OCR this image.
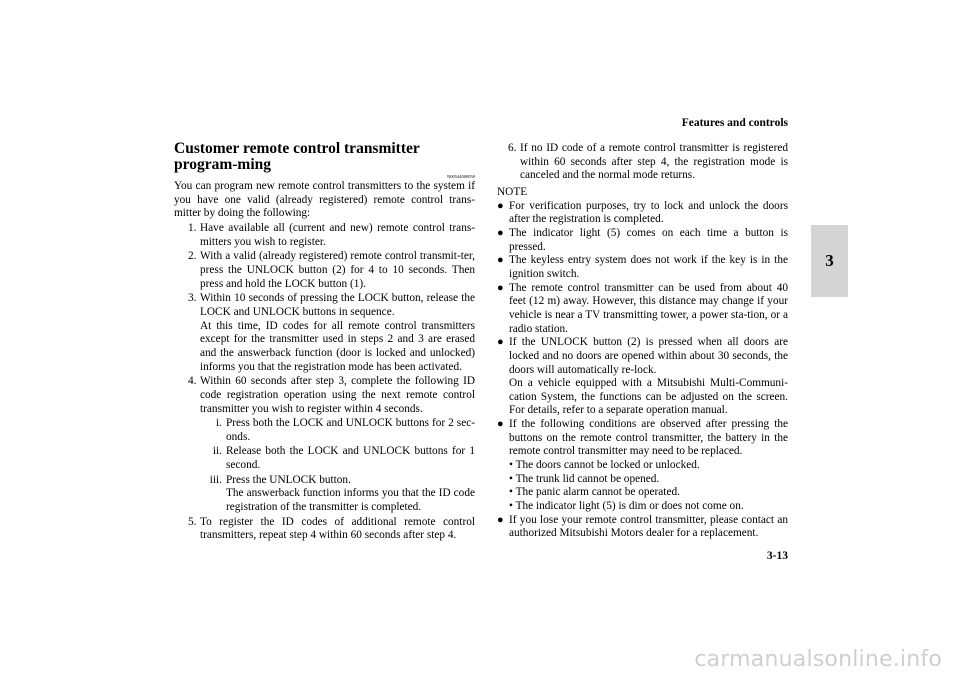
Features and controls
3
Customer remote control transmitter program-ming
N00544000050

You can program new remote control transmitters to the system if you have one valid (already registered) remote control trans-mitter by doing the following:

1. Have available all (current and new) remote control trans-mitters you wish to register.
2. With a valid (already registered) remote control transmit-ter, press the UNLOCK button (2) for 4 to 10 seconds. Then press and hold the LOCK button (1).
3. Within 10 seconds of pressing the LOCK button, release the LOCK and UNLOCK buttons in sequence.
At this time, ID codes for all remote control transmitters except for the transmitter used in steps 2 and 3 are erased and the answerback function (door is locked and unlocked) informs you that the registration mode has been activated.
4. Within 60 seconds after step 3, complete the following ID code registration operation using the next remote control transmitter you wish to register within 4 seconds.
i. Press both the LOCK and UNLOCK buttons for 2 sec-onds.
ii. Release both the LOCK and UNLOCK buttons for 1 second.
iii. Press the UNLOCK button.
The answerback function informs you that the ID code registration of the transmitter is completed.
5. To register the ID codes of additional remote control transmitters, repeat step 4 within 60 seconds after step 4.
6. If no ID code of a remote control transmitter is registered within 60 seconds after step 4, the registration mode is canceled and the normal mode returns.
NOTE
● For verification purposes, try to lock and unlock the doors after the registration is completed.
● The indicator light (5) comes on each time a button is pressed.
● The keyless entry system does not work if the key is in the ignition switch.
● The remote control transmitter can be used from about 40 feet (12 m) away. However, this distance may change if your vehicle is near a TV transmitting tower, a power sta-tion, or a radio station.
● If the UNLOCK button (2) is pressed when all doors are locked and no doors are opened within about 30 seconds, the doors will automatically re-lock.
On a vehicle equipped with a Mitsubishi Multi-Communi-cation System, the functions can be adjusted on the screen. For details, refer to a separate operation manual.
● If the following conditions are observed after pressing the buttons on the remote control transmitter, the battery in the remote control transmitter may need to be replaced.
• The doors cannot be locked or unlocked.
• The trunk lid cannot be opened.
• The panic alarm cannot be operated.
• The indicator light (5) is dim or does not come on.
● If you lose your remote control transmitter, please contact an authorized Mitsubishi Motors dealer for a replacement.
3-13
carmanualsonline.info
